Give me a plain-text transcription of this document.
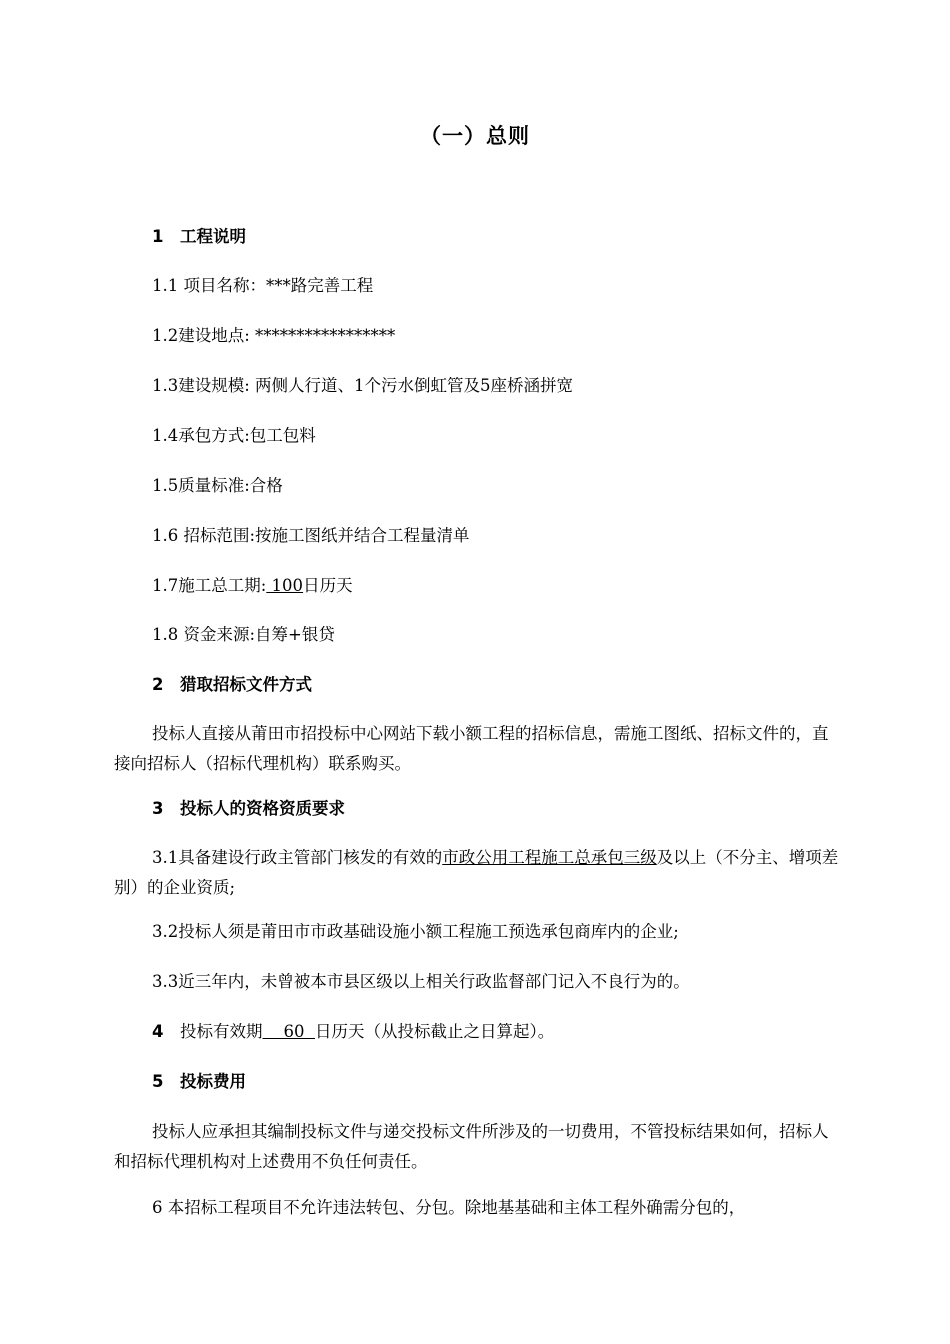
（一）总则
1 工程说明
1.1 项目名称：***路完善工程
1.2建设地点: *****************
1.3建设规模: 两侧人行道、1个污水倒虹管及5座桥涵拼宽
1.4承包方式:包工包料
1.5质量标准:合格
1.6 招标范围:按施工图纸并结合工程量清单
1.7施工总工期: 100日历天
1.8 资金来源:自筹+银贷
2 猎取招标文件方式
投标人直接从莆田市招投标中心网站下载小额工程的招标信息，需施工图纸、招标文件的，直接向招标人（招标代理机构）联系购买。
3 投标人的资格资质要求
3.1具备建设行政主管部门核发的有效的市政公用工程施工总承包三级及以上（不分主、增项差别）的企业资质;
3.2投标人须是莆田市市政基础设施小额工程施工预选承包商库内的企业;
3.3近三年内，未曾被本市县区级以上相关行政监督部门记入不良行为的。
4 投标有效期    60  日历天（从投标截止之日算起）。
5 投标费用
投标人应承担其编制投标文件与递交投标文件所涉及的一切费用，不管投标结果如何，招标人和招标代理机构对上述费用不负任何责任。
6 本招标工程项目不允许违法转包、分包。除地基基础和主体工程外确需分包的，
